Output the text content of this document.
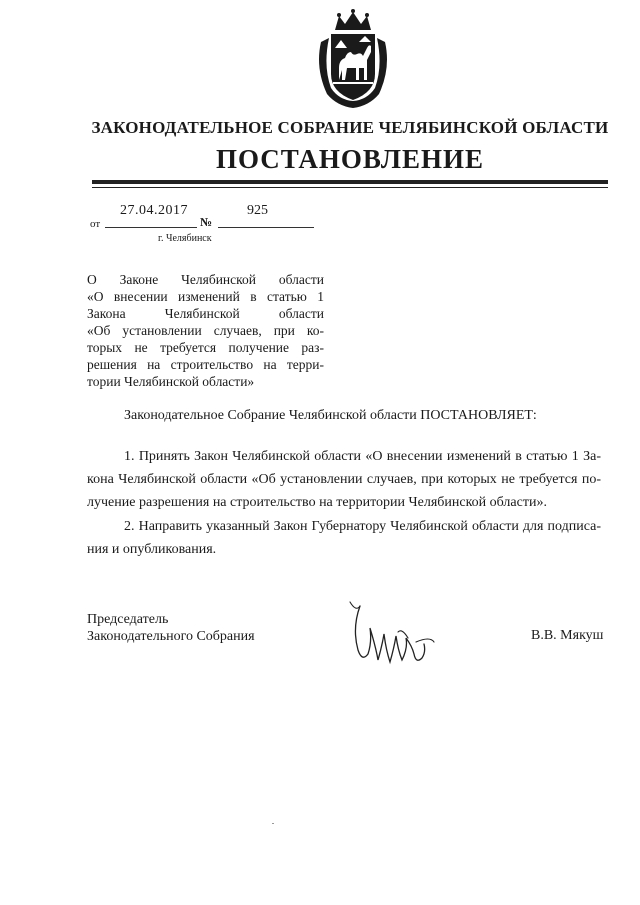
ЗАКОНОДАТЕЛЬНОЕ СОБРАНИЕ ЧЕЛЯБИНСКОЙ ОБЛАСТИ
ПОСТАНОВЛЕНИЕ
27.04.2017	925
от	№
г. Челябинск
О Законе Челябинской области
«О внесении изменений в статью 1
Закона Челябинской области
«Об установлении случаев, при ко-
торых не требуется получение раз-
решения на строительство на терри-
тории Челябинской области»
Законодательное Собрание Челябинской области ПОСТАНОВЛЯЕТ:
1. Принять Закон Челябинской области «О внесении изменений в статью 1 За-
кона Челябинской области «Об установлении случаев, при которых не требуется по-
лучение разрешения на строительство на территории Челябинской области».
2. Направить указанный Закон Губернатору Челябинской области для подписа-
ния и опубликования.
Председатель
Законодательного Собрания	В.В. Мякуш
